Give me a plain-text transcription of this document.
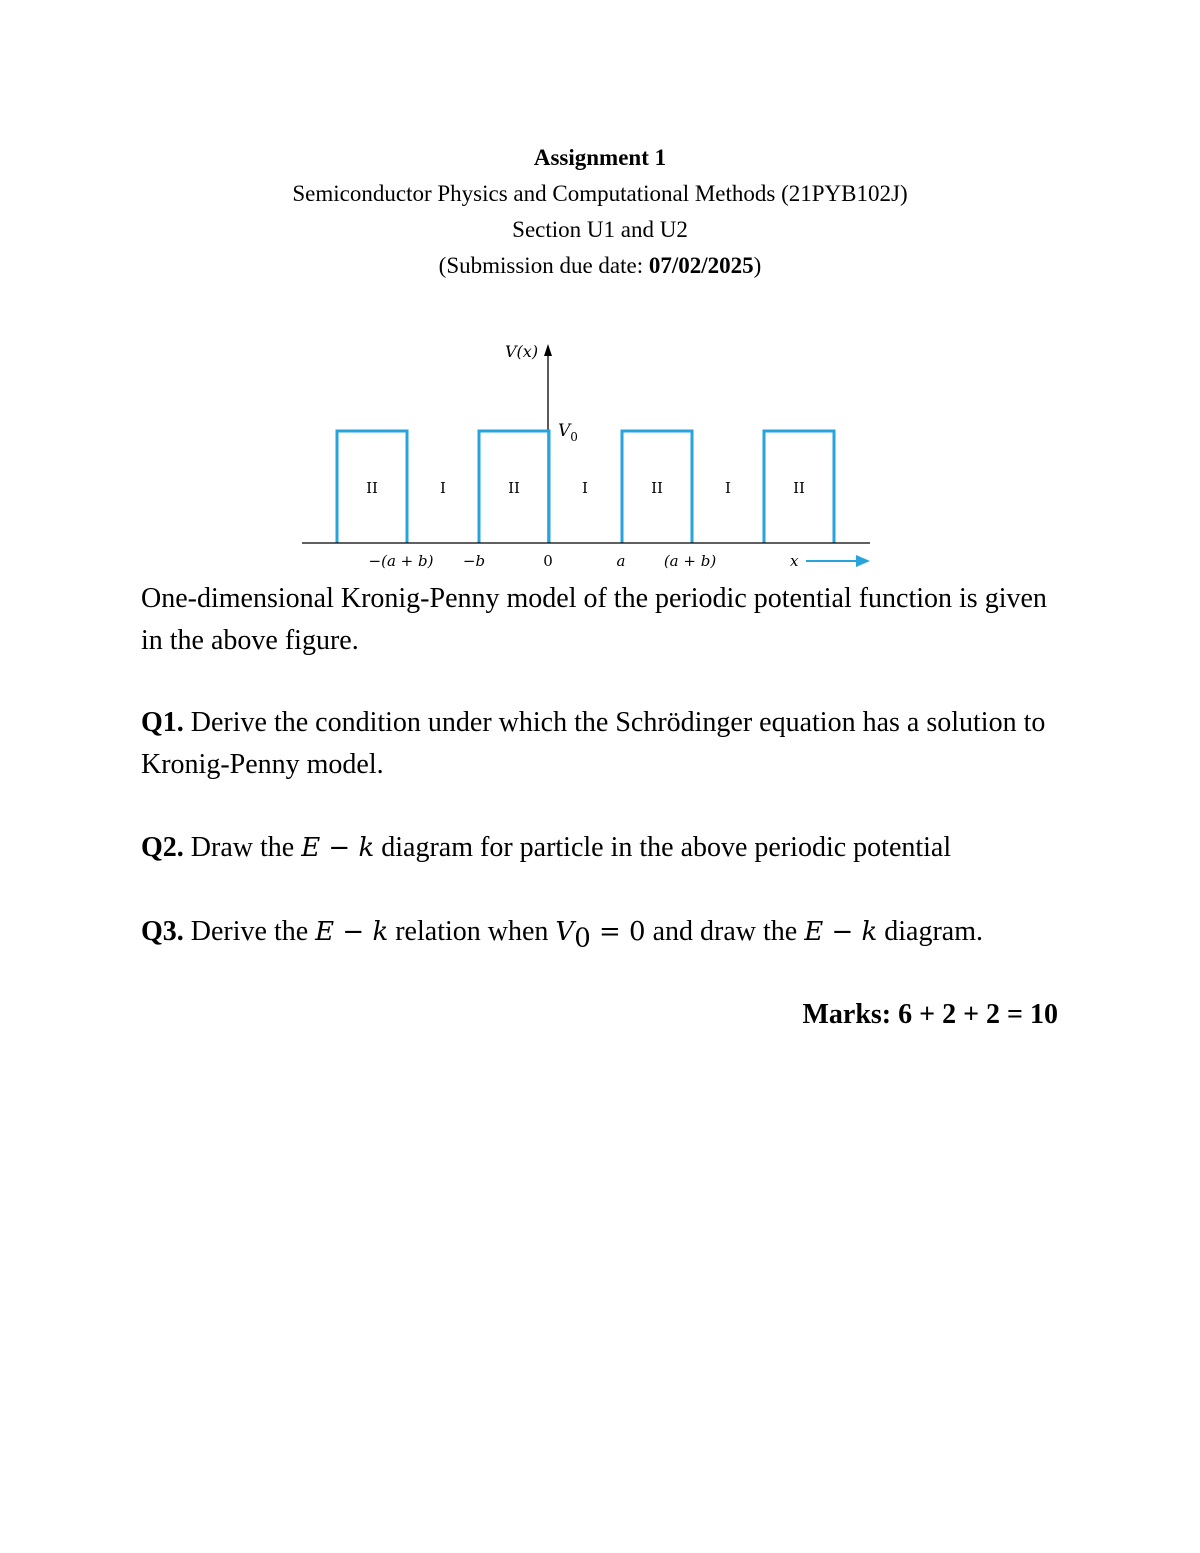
Assignment 1
Semiconductor Physics and Computational Methods (21PYB102J)
Section U1 and U2
(Submission due date: 07/02/2025)
V(x)
$V_0$
II	I	II	I	II	I	II
−(a + b) −b	0	a	(a + b)	x
One-dimensional Kronig-Penny model of the periodic potential function is given in the above figure.
Q1. Derive the condition under which the Schrödinger equation has a solution to Kronig-Penny model.
Q2. Draw the E − k diagram for particle in the above periodic potential
Q3. Derive the E − k relation when $V_0 = 0$ and draw the E − k diagram.
Marks: 6 + 2 + 2 = 10
